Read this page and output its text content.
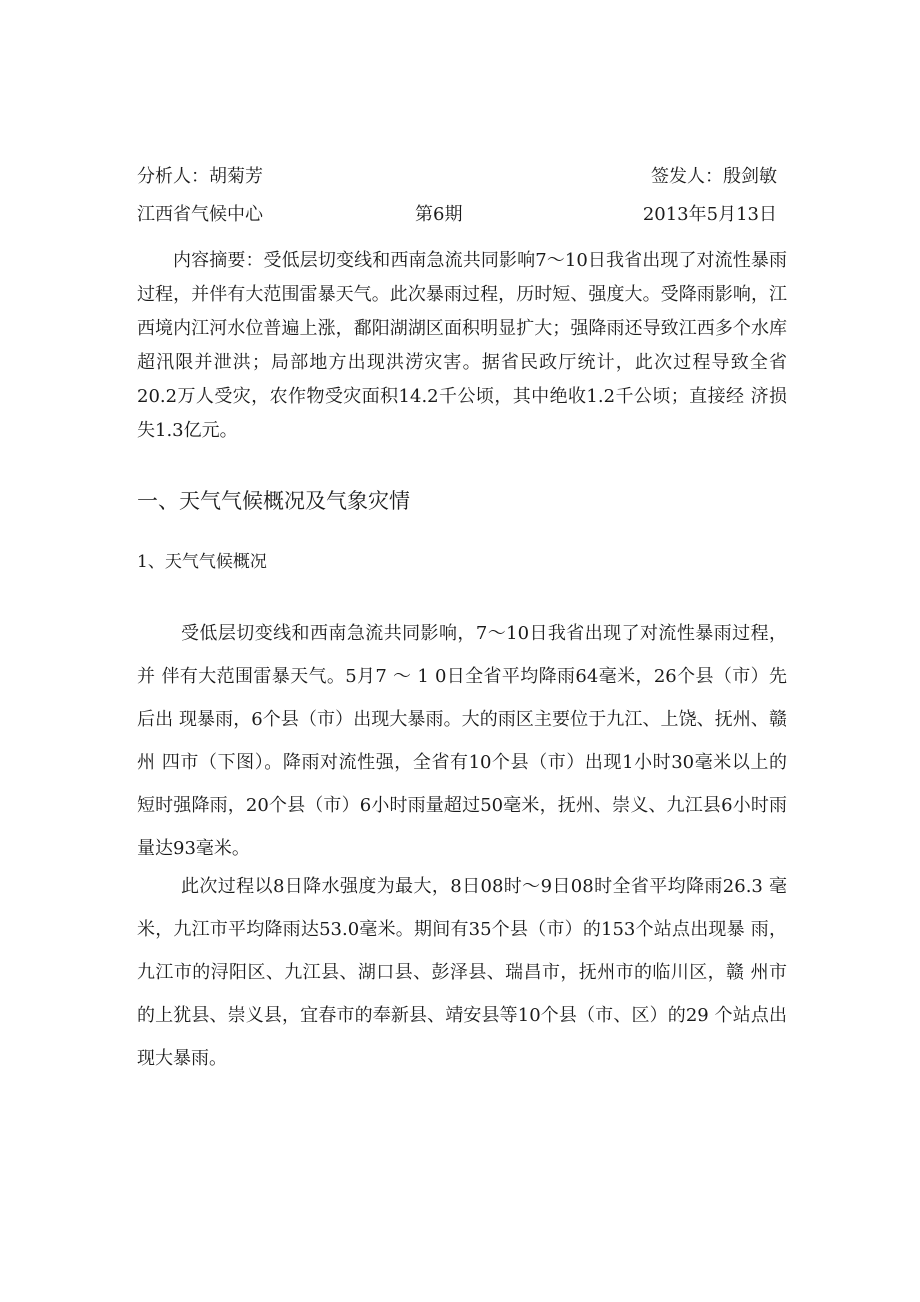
分析人：胡菊芳	签发人：殷剑敏
江西省气候中心	第6期	2013年5月13日

内容摘要：受低层切变线和西南急流共同影响7～10日我省出现了对流性暴雨过程，并伴有大范围雷暴天气。此次暴雨过程，历时短、强度大。受降雨影响，江西境内江河水位普遍上涨，鄱阳湖湖区面积明显扩大；强降雨还导致江西多个水库超汛限并泄洪；局部地方出现洪涝灾害。据省民政厅统计，此次过程导致全省20.2万人受灾，农作物受灾面积14.2千公顷，其中绝收1.2千公顷；直接经 济损失1.3亿元。

一、天气气候概况及气象灾情
1、天气气候概况

受低层切变线和西南急流共同影响，7～10日我省出现了对流性暴雨过程，并 伴有大范围雷暴天气。5月7 ～ 1 0日全省平均降雨64毫米，26个县（市）先后出 现暴雨，6个县（市）出现大暴雨。大的雨区主要位于九江、上饶、抚州、赣州 四市（下图）。降雨对流性强，全省有10个县（市）出现1小时30毫米以上的 短时强降雨，20个县（市）6小时雨量超过50毫米，抚州、崇义、九江县6小时雨量达93毫米。

此次过程以8日降水强度为最大，8日08时～9日08时全省平均降雨26.3 毫米，九江市平均降雨达53.0毫米。期间有35个县（市）的153个站点出现暴 雨，九江市的浔阳区、九江县、湖口县、彭泽县、瑞昌市，抚州市的临川区，赣 州市的上犹县、崇义县，宜春市的奉新县、靖安县等10个县（市、区）的29 个站点出现大暴雨。
